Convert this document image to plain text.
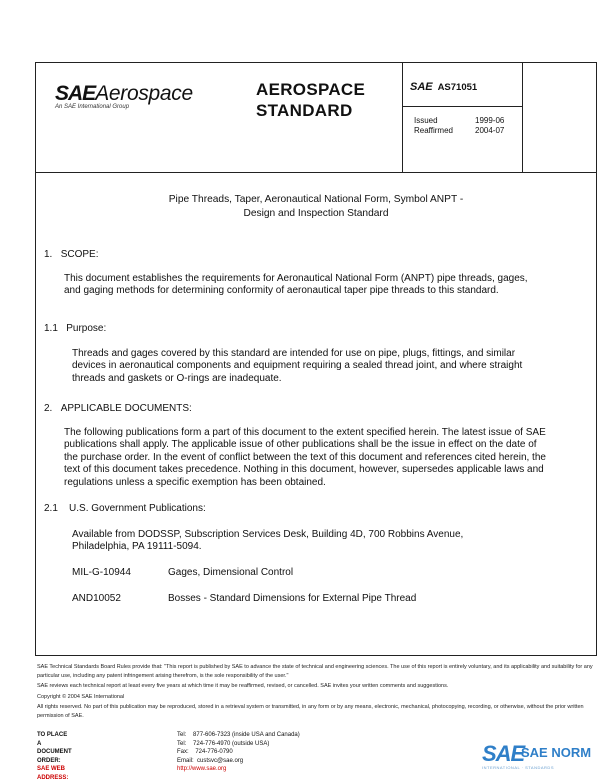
SAEAerospace
An SAE International Group
AEROSPACE
STANDARD
SAE AS71051
Issued	1999-06
Reaffirmed	2004-07
Pipe Threads, Taper, Aeronautical National Form, Symbol ANPT -
Design and Inspection Standard
1. SCOPE:
This document establishes the requirements for Aeronautical National Form (ANPT) pipe threads, gages, and gaging methods for determining conformity of aeronautical taper pipe threads to this standard.
1.1 Purpose:
Threads and gages covered by this standard are intended for use on pipe, plugs, fittings, and similar devices in aeronautical components and equipment requiring a sealed thread joint, and where straight threads and gaskets or O-rings are inadequate.
2. APPLICABLE DOCUMENTS:
The following publications form a part of this document to the extent specified herein. The latest issue of SAE publications shall apply. The applicable issue of other publications shall be the issue in effect on the date of the purchase order. In the event of conflict between the text of this document and references cited herein, the text of this document takes precedence. Nothing in this document, however, supersedes applicable laws and regulations unless a specific exemption has been obtained.
2.1 U.S. Government Publications:
Available from DODSSP, Subscription Services Desk, Building 4D, 700 Robbins Avenue, Philadelphia, PA 19111-5094.
MIL-G-10944	Gages, Dimensional Control
AND10052	Bosses - Standard Dimensions for External Pipe Thread

SAE Technical Standards Board Rules provide that: "This report is published by SAE to advance the state of technical and engineering sciences. The use of this report is entirely voluntary, and its applicability and suitability for any particular use, including any patent infringement arising therefrom, is the sole responsibility of the user."

SAE reviews each technical report at least every five years at which time it may be reaffirmed, revised, or cancelled. SAE invites your written comments and suggestions.

Copyright © 2004 SAE International

All rights reserved. No part of this publication may be reproduced, stored in a retrieval system or transmitted, in any form or by any means, electronic, mechanical, photocopying, recording, or otherwise, without the prior written permission of SAE.

TO PLACE A DOCUMENT ORDER:
Tel: 877-606-7323 (inside USA and Canada)
Tel: 724-776-4970 (outside USA)
Fax: 724-776-0790
Email: custsvc@sae.org
SAE WEB ADDRESS:
http://www.sae.org
SAE
SAE NORM
INTERNATIONAL · STANDARDS
